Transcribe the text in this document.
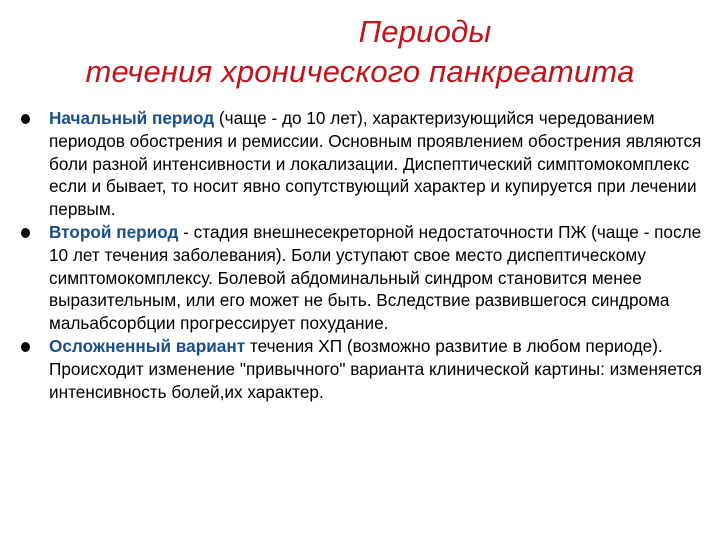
Периоды
течения хронического панкреатита
Начальный период (чаще - до 10 лет), характеризующийся чередованием периодов обострения и ремиссии. Основным проявлением обострения являются боли разной интенсивности и локализации. Диспептический симптомокомплекс если и бывает, то носит явно сопутствующий характер и купируется при лечении первым.
Второй период - стадия внешнесекреторной недостаточности ПЖ (чаще - после 10 лет течения заболевания). Боли уступают свое место диспептическому симптомокомплексу. Болевой абдоминальный синдром становится менее выразительным, или его может не быть. Вследствие развившегося синдрома мальабсорбции прогрессирует похудание.
Осложненный вариант течения ХП (возможно развитие в любом периоде). Происходит изменение "привычного" варианта клинической картины: изменяется интенсивность болей,их характер.
